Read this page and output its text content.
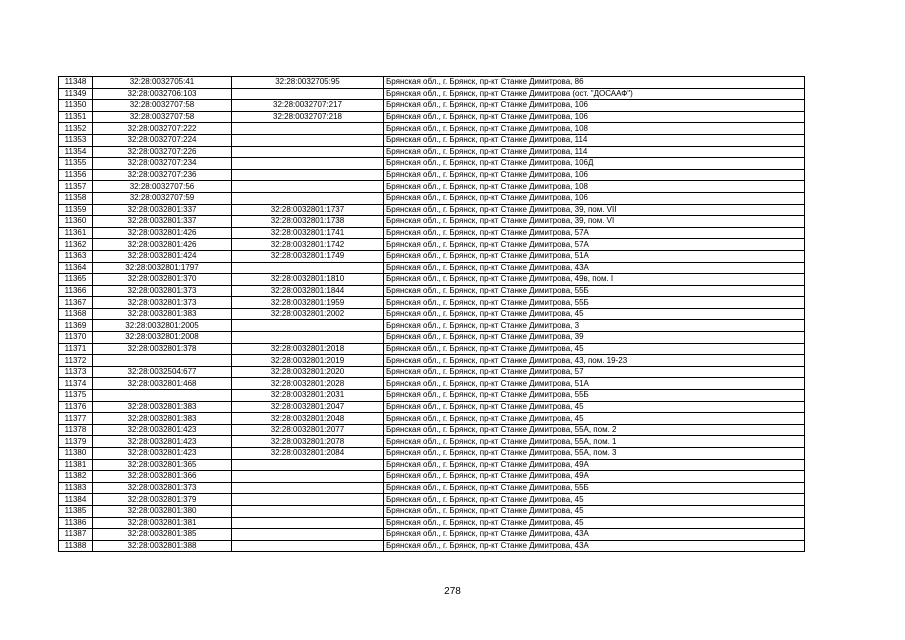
11348	32:28:0032705:41	32:28:0032705:95	Брянская обл., г. Брянск, пр-кт Станке Димитрова, 86
11349	32:28:0032706:103		Брянская обл., г. Брянск, пр-кт Станке Димитрова (ост. "ДОСААФ")
11350	32:28:0032707:58	32:28:0032707:217	Брянская обл., г. Брянск, пр-кт Станке Димитрова, 106
11351	32:28:0032707:58	32:28:0032707:218	Брянская обл., г. Брянск, пр-кт Станке Димитрова, 106
11352	32:28:0032707:222		Брянская обл., г. Брянск, пр-кт Станке Димитрова, 108
11353	32:28:0032707:224		Брянская обл., г. Брянск, пр-кт Станке Димитрова, 114
11354	32:28:0032707:226		Брянская обл., г. Брянск, пр-кт Станке Димитрова, 114
11355	32:28:0032707:234		Брянская обл., г. Брянск, пр-кт Станке Димитрова, 106Д
11356	32:28:0032707:236		Брянская обл., г. Брянск, пр-кт Станке Димитрова, 106
11357	32:28:0032707:56		Брянская обл., г. Брянск, пр-кт Станке Димитрова, 108
11358	32:28:0032707:59		Брянская обл., г. Брянск, пр-кт Станке Димитрова, 106
11359	32:28:0032801:337	32:28:0032801:1737	Брянская обл., г. Брянск, пр-кт Станке Димитрова, 39, пом. VII
11360	32:28:0032801:337	32:28:0032801:1738	Брянская обл., г. Брянск, пр-кт Станке Димитрова, 39, пом. VI
11361	32:28:0032801:426	32:28:0032801:1741	Брянская обл., г. Брянск, пр-кт Станке Димитрова, 57А
11362	32:28:0032801:426	32:28:0032801:1742	Брянская обл., г. Брянск, пр-кт Станке Димитрова, 57А
11363	32:28:0032801:424	32:28:0032801:1749	Брянская обл., г. Брянск, пр-кт Станке Димитрова, 51А
11364	32:28:0032801:1797		Брянская обл., г. Брянск, пр-кт Станке Димитрова, 43А
11365	32:28:0032801:370	32:28:0032801:1810	Брянская обл., г. Брянск, пр-кт Станке Димитрова, 49в, пом. I
11366	32:28:0032801:373	32:28:0032801:1844	Брянская обл., г. Брянск, пр-кт Станке Димитрова, 55Б
11367	32:28:0032801:373	32:28:0032801:1959	Брянская обл., г. Брянск, пр-кт Станке Димитрова, 55Б
11368	32:28:0032801:383	32:28:0032801:2002	Брянская обл., г. Брянск, пр-кт Станке Димитрова, 45
11369	32:28:0032801:2005		Брянская обл., г. Брянск, пр-кт Станке Димитрова, 3
11370	32:28:0032801:2008		Брянская обл., г. Брянск, пр-кт Станке Димитрова, 39
11371	32:28:0032801:378	32:28:0032801:2018	Брянская обл., г. Брянск, пр-кт Станке Димитрова, 45
11372		32:28:0032801:2019	Брянская обл., г. Брянск, пр-кт Станке Димитрова, 43, пом. 19-23
11373	32:28:0032504:677	32:28:0032801:2020	Брянская обл., г. Брянск, пр-кт Станке Димитрова, 57
11374	32:28:0032801:468	32:28:0032801:2028	Брянская обл., г. Брянск, пр-кт Станке Димитрова, 51А
11375		32:28:0032801:2031	Брянская обл., г. Брянск, пр-кт Станке Димитрова, 55Б
11376	32:28:0032801:383	32:28:0032801:2047	Брянская обл., г. Брянск, пр-кт Станке Димитрова, 45
11377	32:28:0032801:383	32:28:0032801:2048	Брянская обл., г. Брянск, пр-кт Станке Димитрова, 45
11378	32:28:0032801:423	32:28:0032801:2077	Брянская обл., г. Брянск, пр-кт Станке Димитрова, 55А, пом. 2
11379	32:28:0032801:423	32:28:0032801:2078	Брянская обл., г. Брянск, пр-кт Станке Димитрова, 55А, пом. 1
11380	32:28:0032801:423	32:28:0032801:2084	Брянская обл., г. Брянск, пр-кт Станке Димитрова, 55А, пом. 3
11381	32:28:0032801:365		Брянская обл., г. Брянск, пр-кт Станке Димитрова, 49А
11382	32:28:0032801:366		Брянская обл., г. Брянск, пр-кт Станке Димитрова, 49А
11383	32:28:0032801:373		Брянская обл., г. Брянск, пр-кт Станке Димитрова, 55Б
11384	32:28:0032801:379		Брянская обл., г. Брянск, пр-кт Станке Димитрова, 45
11385	32:28:0032801:380		Брянская обл., г. Брянск, пр-кт Станке Димитрова, 45
11386	32:28:0032801:381		Брянская обл., г. Брянск, пр-кт Станке Димитрова, 45
11387	32:28:0032801:385		Брянская обл., г. Брянск, пр-кт Станке Димитрова, 43А
11388	32:28:0032801:388		Брянская обл., г. Брянск, пр-кт Станке Димитрова, 43А
278
